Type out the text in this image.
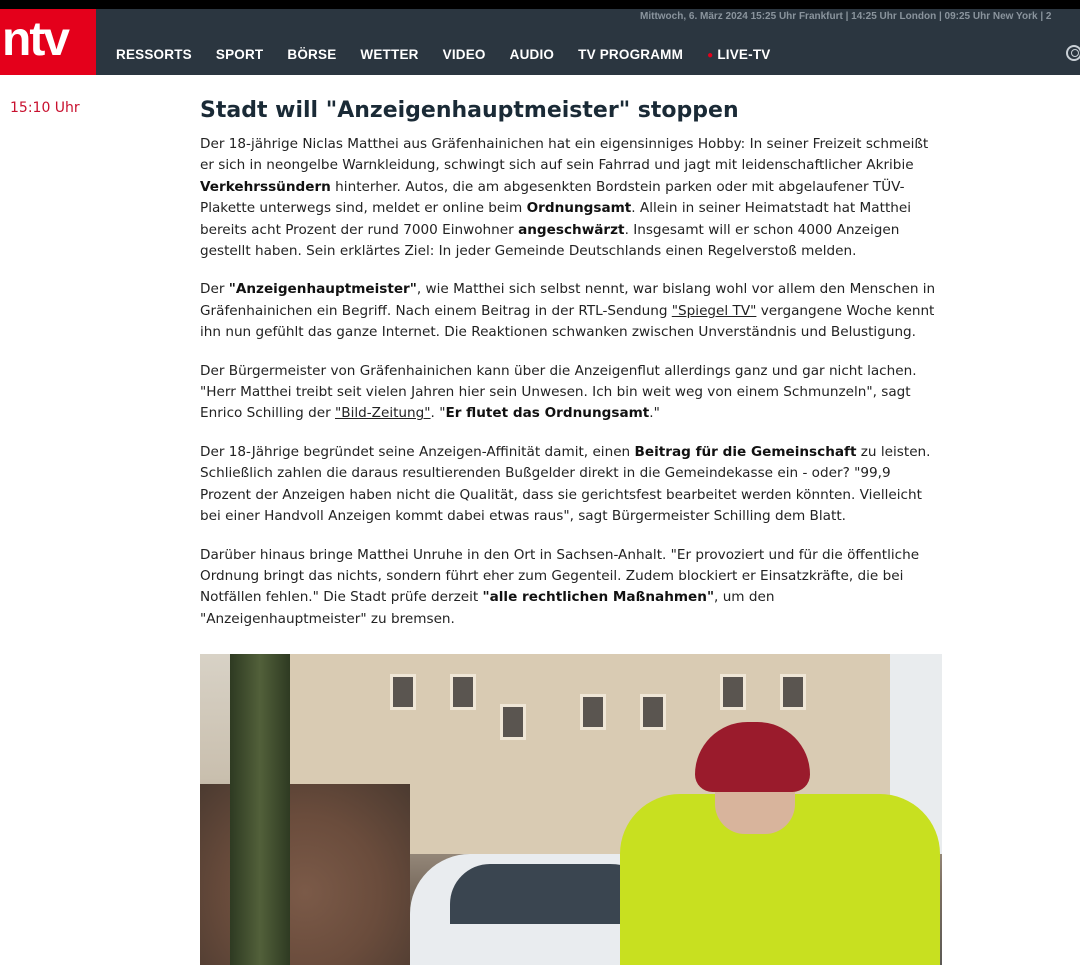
ntv	Mittwoch, 6. März 2024 15:25 Uhr Frankfurt | 14:25 Uhr London | 09:25 Uhr New York | 2
RESSORTS	SPORT	BÖRSE	WETTER	VIDEO	AUDIO	TV PROGRAMM	● LIVE-TV
15:10 Uhr	Stadt will "Anzeigenhauptmeister" stoppen

Der 18-jährige Niclas Matthei aus Gräfenhainichen hat ein eigensinniges Hobby: In seiner Freizeit schmeißt er sich in neongelbe Warnkleidung, schwingt sich auf sein Fahrrad und jagt mit leidenschaftlicher Akribie Verkehrssündern hinterher. Autos, die am abgesenkten Bordstein parken oder mit abgelaufener TÜV-Plakette unterwegs sind, meldet er online beim Ordnungsamt. Allein in seiner Heimatstadt hat Matthei bereits acht Prozent der rund 7000 Einwohner angeschwärzt. Insgesamt will er schon 4000 Anzeigen gestellt haben. Sein erklärtes Ziel: In jeder Gemeinde Deutschlands einen Regelverstoß melden.

Der "Anzeigenhauptmeister", wie Matthei sich selbst nennt, war bislang wohl vor allem den Menschen in Gräfenhainichen ein Begriff. Nach einem Beitrag in der RTL-Sendung "Spiegel TV" vergangene Woche kennt ihn nun gefühlt das ganze Internet. Die Reaktionen schwanken zwischen Unverständnis und Belustigung.

Der Bürgermeister von Gräfenhainichen kann über die Anzeigenflut allerdings ganz und gar nicht lachen. "Herr Matthei treibt seit vielen Jahren hier sein Unwesen. Ich bin weit weg von einem Schmunzeln", sagt Enrico Schilling der "Bild-Zeitung". "Er flutet das Ordnungsamt."

Der 18-Jährige begründet seine Anzeigen-Affinität damit, einen Beitrag für die Gemeinschaft zu leisten. Schließlich zahlen die daraus resultierenden Bußgelder direkt in die Gemeindekasse ein - oder? "99,9 Prozent der Anzeigen haben nicht die Qualität, dass sie gerichtsfest bearbeitet werden könnten. Vielleicht bei einer Handvoll Anzeigen kommt dabei etwas raus", sagt Bürgermeister Schilling dem Blatt.

Darüber hinaus bringe Matthei Unruhe in den Ort in Sachsen-Anhalt. "Er provoziert und für die öffentliche Ordnung bringt das nichts, sondern führt eher zum Gegenteil. Zudem blockiert er Einsatzkräfte, die bei Notfällen fehlen." Die Stadt prüfe derzeit "alle rechtlichen Maßnahmen", um den "Anzeigenhauptmeister" zu bremsen.
